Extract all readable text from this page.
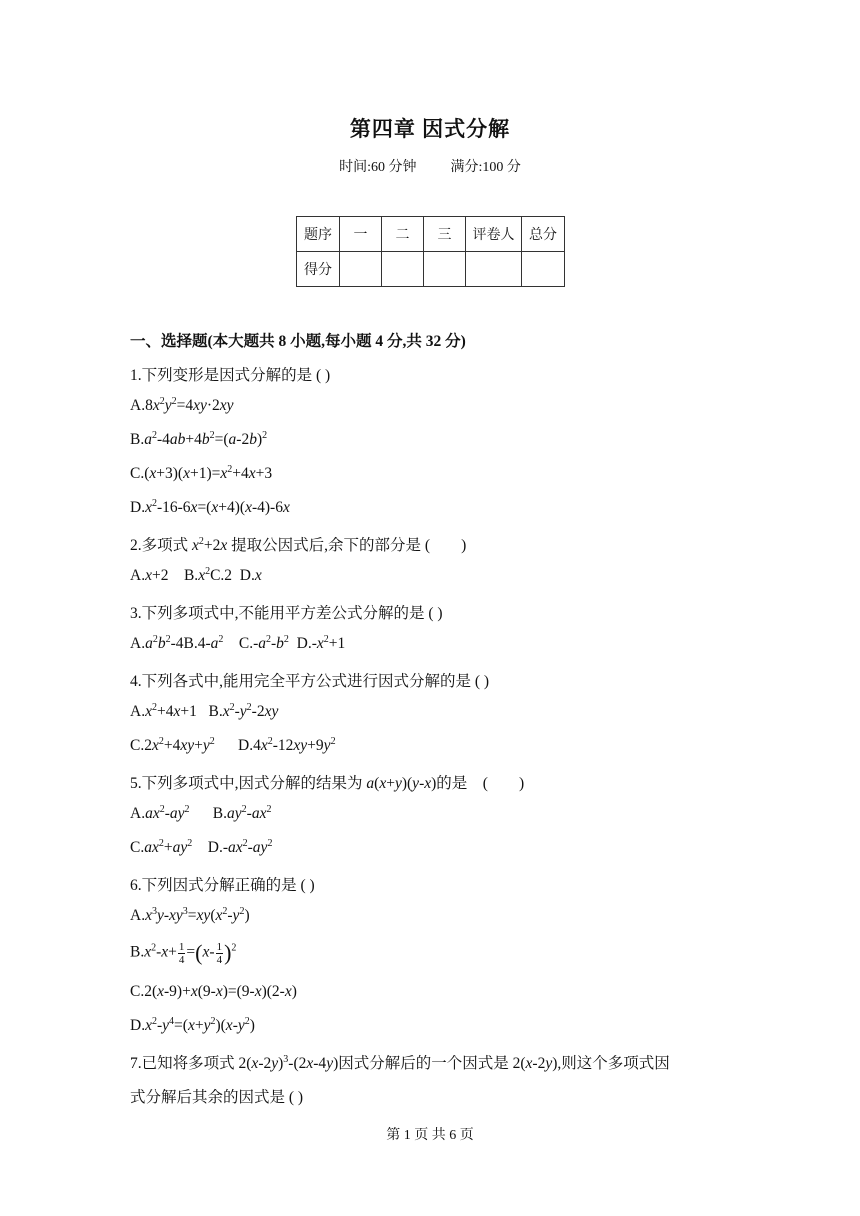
第四章 因式分解
时间:60 分钟 满分:100 分
题序	一	二	三	评卷人	总分
得分					
一、选择题(本大题共 8 小题,每小题 4 分,共 32 分)
1.下列变形是因式分解的是 ( )
$A.8x^2y^2=4xy\cdot 2xy$
$B.a^2-4ab+4b^2=(a-2b)^2$
$C.(x+3)(x+1)=x^2+4x+3$
$D.x^2-16-6x=(x+4)(x-4)-6x$
2.多项式 $x^2+2x$ 提取公因式后,余下的部分是 (        )
A.x+2    $B.x^2C.2$  D.x
3.下列多项式中,不能用平方差公式分解的是 ( )
$A.a^2b^2-4B.4-a^2$    $C.-a^2-b^2$  $D.-x^2+1$
4.下列各式中,能用完全平方公式进行因式分解的是 ( )
$A.x^2+4x+1$   $B.x^2-y^2-2xy$
$C.2x^2+4xy+y^2$      $D.4x^2-12xy+9y^2$
5.下列多项式中,因式分解的结果为 a(x+y)(y-x)的是    (        )
$A.ax^2-ay^2$      $B.ay^2-ax^2$
$C.ax^2+ay^2$    $D.-ax^2-ay^2$
6.下列因式分解正确的是 ( )
$A.x^3y-xy^3=xy(x^2-y^2)$
$B.x^2-x+ \frac{1}{4} =(x- \frac{1}{4} )^2$
C.2(x-9)+x(9-x)=(9-x)(2-x)
$D.x^2-y^4=(x+y^2)(x-y^2)$
7.已知将多项式 $2(x-2y)^3-(2x-4y)$因式分解后的一个因式是 2(x-2y),则这个多项式因
式分解后其余的因式是 ( )
第 1 页 共 6 页
